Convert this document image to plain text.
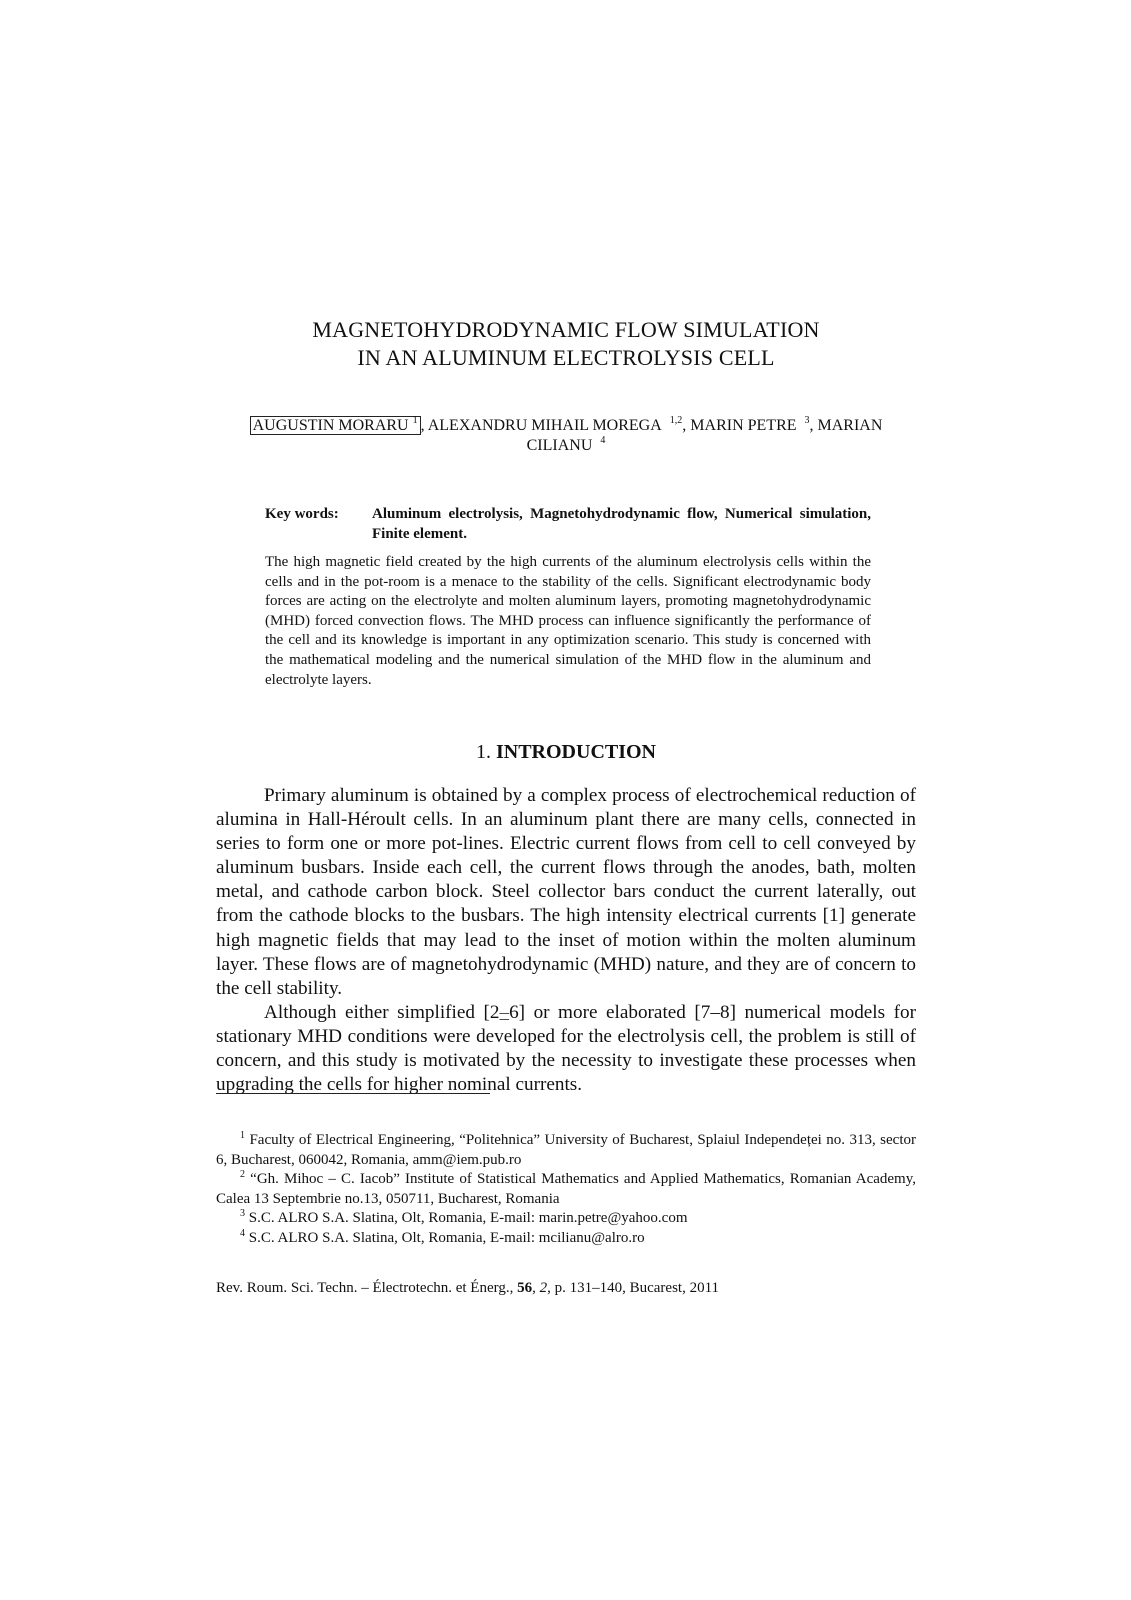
MAGNETOHYDRODYNAMIC FLOW SIMULATION
IN AN ALUMINUM ELECTROLYSIS CELL
AUGUSTIN MORARU $^1$ , ALEXANDRU MIHAIL MOREGA $^{1,2}$, MARIN PETRE $^3$, MARIAN CILIANU $^4$
Key words:	Aluminum electrolysis, Magnetohydrodynamic flow, Numerical simulation, Finite element.
The high magnetic field created by the high currents of the aluminum electrolysis cells within the cells and in the pot-room is a menace to the stability of the cells. Significant electrodynamic body forces are acting on the electrolyte and molten aluminum layers, promoting magnetohydrodynamic (MHD) forced convection flows. The MHD process can influence significantly the performance of the cell and its knowledge is important in any optimization scenario. This study is concerned with the mathematical modeling and the numerical simulation of the MHD flow in the aluminum and electrolyte layers.
1. INTRODUCTION

Primary aluminum is obtained by a complex process of electrochemical reduction of alumina in Hall-Héroult cells. In an aluminum plant there are many cells, connected in series to form one or more pot-lines. Electric current flows from cell to cell conveyed by aluminum busbars. Inside each cell, the current flows through the anodes, bath, molten metal, and cathode carbon block. Steel collector bars conduct the current laterally, out from the cathode blocks to the busbars. The high intensity electrical currents [1] generate high magnetic fields that may lead to the inset of motion within the molten aluminum layer. These flows are of magnetohydrodynamic (MHD) nature, and they are of concern to the cell stability.

Although either simplified [2–6] or more elaborated [7–8] numerical models for stationary MHD conditions were developed for the electrolysis cell, the problem is still of concern, and this study is motivated by the necessity to investigate these processes when upgrading the cells for higher nominal currents.

$^1$ Faculty of Electrical Engineering, “Politehnica” University of Bucharest, Splaiul Independeței no. 313, sector 6, Bucharest, 060042, Romania, amm@iem.pub.ro

$^2$ “Gh. Mihoc – C. Iacob” Institute of Statistical Mathematics and Applied Mathematics, Romanian Academy, Calea 13 Septembrie no.13, 050711, Bucharest, Romania

$^3$ S.C. ALRO S.A. Slatina, Olt, Romania, E-mail: marin.petre@yahoo.com

$^4$ S.C. ALRO S.A. Slatina, Olt, Romania, E-mail: mcilianu@alro.ro

Rev. Roum. Sci. Techn. – Électrotechn. et Énerg., 56, 2, p. 131–140, Bucarest, 2011
